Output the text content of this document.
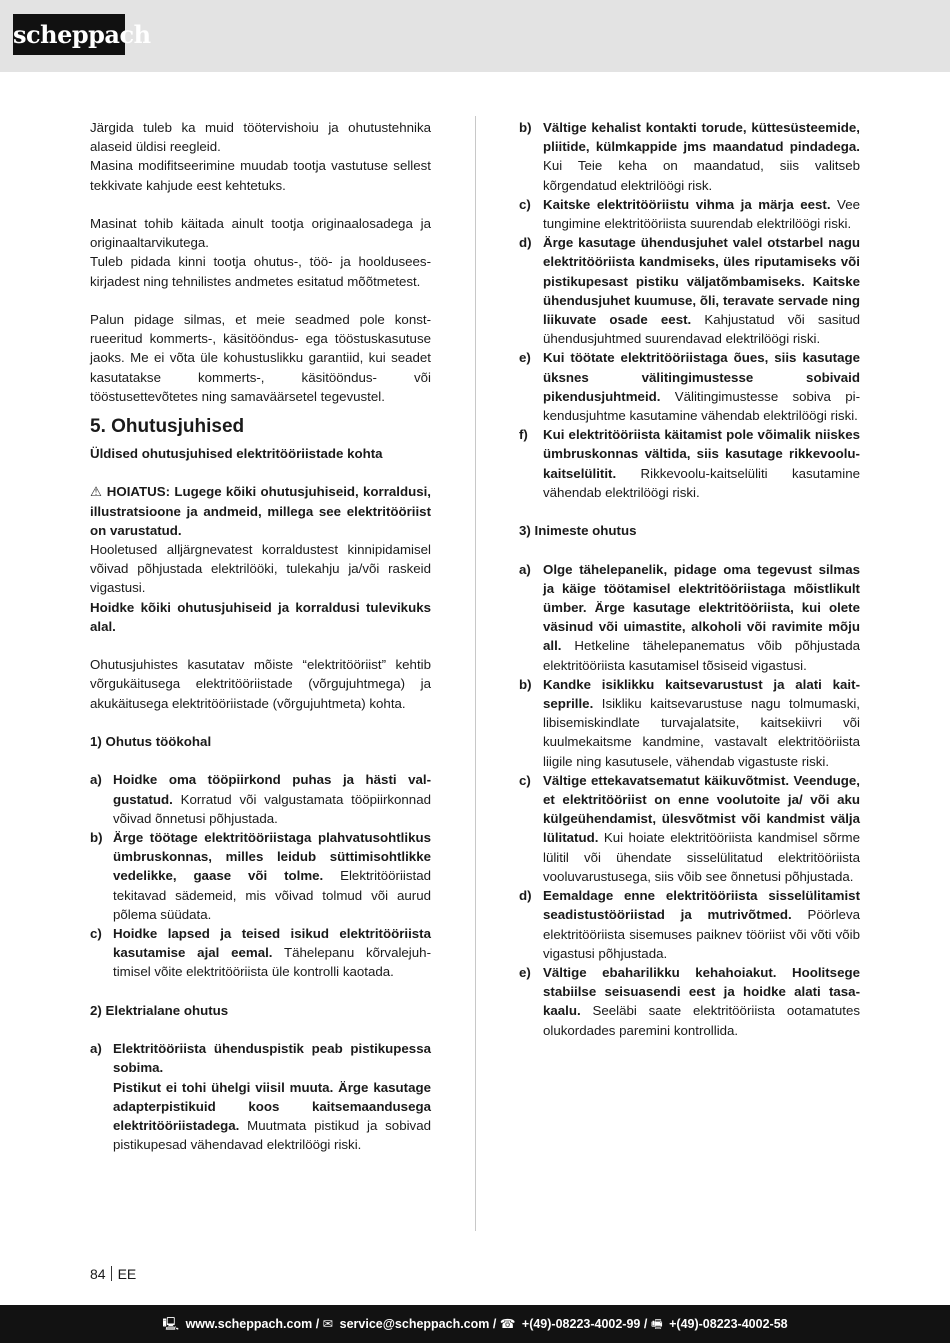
scheppach

Järgida tuleb ka muid töötervishoiu ja ohutustehnika alaseid üldisi reegleid.

Masina modifitseerimine muudab tootja vastutuse sellest tekkivate kahjude eest kehtetuks.

Masinat tohib käitada ainult tootja originaalosadega ja originaaltarvikutega.

Tuleb pidada kinni tootja ohutus-, töö- ja hoolduseeskirjadest ning tehnilistes andmetes esitatud mõõtmetest.

Palun pidage silmas, et meie seadmed pole konstrueeritud kommerts-, käsitööndus- ega tööstuskasutuse jaoks. Me ei võta üle kohustuslikku garantiid, kui seadet kasutatakse kommerts-, käsitööndus- või tööstusettevõtetes ning samaväärsetel tegevustel.

5. Ohutusjuhised

Üldised ohutusjuhised elektritööriistade kohta

⚠ HOIATUS: Lugege kõiki ohutusjuhiseid, korraldusi, illustratsioone ja andmeid, millega see elektritööriist on varustatud.

Hooletused alljärgnevatest korraldustest kinnipidamisel võivad põhjustada elektrilööki, tulekahju ja/või raskeid vigastusi.

Hoidke kõiki ohutusjuhiseid ja korraldusi tulevikuks alal.

Ohutusjuhistes kasutatav mõiste “elektritööriist” kehtib võrgukäitusega elektritööriistade (võrgujuhtmega) ja akukäitusega elektritööriistade (võrgujuhtmeta) kohta.

1) Ohutus töökohal

a) Hoidke oma tööpiirkond puhas ja hästi valgustatud. Korratud või valgustamata tööpiirkonnad võivad õnnetusi põhjustada.
b) Ärge töötage elektritööriistaga plahvatusohtlikus ümbruskonnas, milles leidub süttimisohtlikke vedelikke, gaase või tolme. Elektritööriistad tekitavad sädemeid, mis võivad tolmud või aurud põlema süüdata.
c) Hoidke lapsed ja teised isikud elektritööriista kasutamise ajal eemal. Tähelepanu kõrvalejuhtimisel võite elektritööriista üle kontrolli kaotada.

2) Elektrialane ohutus

a) Elektritööriista ühenduspistik peab pistikupessa sobima.
Pistikut ei tohi ühelgi viisil muuta. Ärge kasutage adapterpistikuid koos kaitsemaandusega elektritööriistadega. Muutmata pistikud ja sobivad pistikupesad vähendavad elektrilöögi riski.
b) Vältige kehalist kontakti torude, küttesüsteemide, pliitide, külmkappide jms maandatud pindadega. Kui Teie keha on maandatud, siis valitseb kõrgendatud elektrilöögi risk.
c) Kaitske elektritööriistu vihma ja märja eest. Vee tungimine elektritööriista suurendab elektrilöögi riski.
d) Ärge kasutage ühendusjuhet valel otstarbel nagu elektritööriista kandmiseks, üles riputamiseks või pistikupesast pistiku väljatõmbamiseks. Kaitske ühendusjuhet kuumuse, õli, teravate servade ning liikuvate osade eest. Kahjustatud või sasitud ühendusjuhtmed suurendavad elektrilöögi riski.
e) Kui töötate elektritööriistaga õues, siis kasutage üksnes välitingimustesse sobivaid pikendusjuhtmeid. Välitingimustesse sobiva pikendusjuhtme kasutamine vähendab elektrilöögi riski.
f) Kui elektritööriista käitamist pole võimalik niiskes ümbruskonnas vältida, siis kasutage rikkevoolu-kaitselülitit. Rikkevoolu-kaitselüliti kasutamine vähendab elektrilöögi riski.

3) Inimeste ohutus

a) Olge tähelepanelik, pidage oma tegevust silmas ja käige töötamisel elektritööriistaga mõistlikult ümber. Ärge kasutage elektritööriista, kui olete väsinud või uimastite, alkoholi või ravimite mõju all. Hetkeline tähelepanematus võib põhjustada elektritööriista kasutamisel tõsiseid vigastusi.
b) Kandke isiklikku kaitsevarustust ja alati kaitseprille. Isikliku kaitsevarustuse nagu tolmumaski, libisemiskindlate turvajalatsite, kaitsekiivri või kuulmekaitsme kandmine, vastavalt elektritööriista liigile ning kasutusele, vähendab vigastuste riski.
c) Vältige ettekavatsematut käikuvõtmist. Veenduge, et elektritööriist on enne voolutoite ja/ või aku külgeühendamist, ülesvõtmist või kandmist välja lülitatud. Kui hoiate elektritööriista kandmisel sõrme lülitil või ühendate sisselülitatud elektritööriista vooluvarustusega, siis võib see õnnetusi põhjustada.
d) Eemaldage enne elektritööriista sisselülitamist seadistustööriistad ja mutrivõtmed. Pöörleva elektritööriista sisemuses paiknev tööriist või võti võib vigastusi põhjustada.
e) Vältige ebaharilikku kehahoiakut. Hoolitsege stabiilse seisuasendi eest ja hoidke alati tasakaalu. Seeläbi saate elektritööriista ootamatutes olukordades paremini kontrollida.
84 EE
🖳 www.scheppach.com / ✉ service@scheppach.com / ☎ +(49)-08223-4002-99 / 🖷 +(49)-08223-4002-58
